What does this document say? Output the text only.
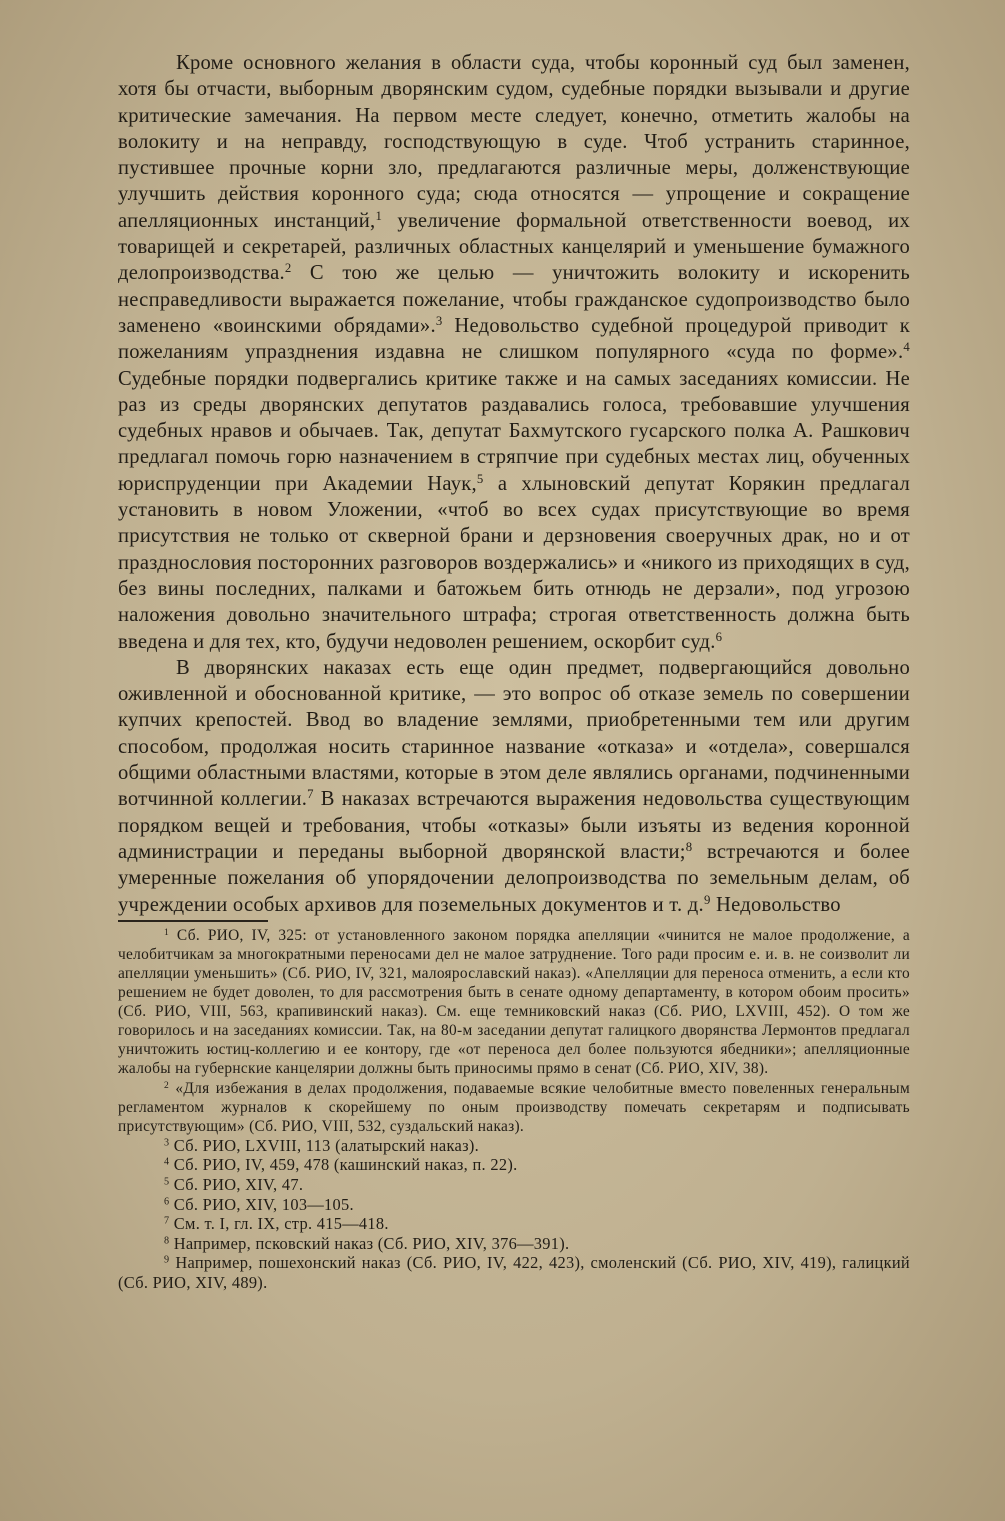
Кроме основного желания в области суда, чтобы коронный суд был заменен, хотя бы отчасти, выборным дворянским судом, судебные порядки вызывали и другие критические замечания. На первом месте следует, конечно, отметить жалобы на волокиту и на неправду, господствующую в суде. Чтоб устранить старинное, пустившее прочные корни зло, предлагаются различные меры, долженствующие улучшить действия коронного суда; сюда относятся — упрощение и сокращение апелляционных инстанций,$^1$ увеличение формальной ответственности воевод, их товарищей и секретарей, различных областных канцелярий и уменьшение бумажного делопроизводства.$^2$ С тою же целью — уничтожить волокиту и искоренить несправедливости выражается пожелание, чтобы гражданское судопроизводство было заменено «воинскими обрядами».$^3$ Недовольство судебной процедурой приводит к пожеланиям упразднения издавна не слишком популярного «суда по форме».$^4$ Судебные порядки подвергались критике также и на самых заседаниях комиссии. Не раз из среды дворянских депутатов раздавались голоса, требовавшие улучшения судебных нравов и обычаев. Так, депутат Бахмутского гусарского полка А. Рашкович предлагал помочь горю назначением в стряпчие при судебных местах лиц, обученных юриспруденции при Академии Наук,$^5$ а хлыновский депутат Корякин предлагал установить в новом Уложении, «чтоб во всех судах присутствующие во время присутствия не только от скверной брани и дерзновения своеручных драк, но и от празднословия посторонних разговоров воздержались» и «никого из приходящих в суд, без вины последних, палками и батожьем бить отнюдь не дерзали», под угрозою наложения довольно значительного штрафа; строгая ответственность должна быть введена и для тех, кто, будучи недоволен решением, оскорбит суд.$^6$

В дворянских наказах есть еще один предмет, подвергающийся довольно оживленной и обоснованной критике, — это вопрос об отказе земель по совершении купчих крепостей. Ввод во владение землями, приобретенными тем или другим способом, продолжая носить старинное название «отказа» и «отдела», совершался общими областными властями, которые в этом деле являлись органами, подчиненными вотчинной коллегии.$^7$ В наказах встречаются выражения недовольства существующим порядком вещей и требования, чтобы «отказы» были изъяты из ведения коронной администрации и переданы выборной дворянской власти;$^8$ встречаются и более умеренные пожелания об упорядочении делопроизводства по земельным делам, об учреждении особых архивов для поземельных документов и т. д.$^9$ Недовольство

$^1$ Сб. РИО, IV, 325: от установленного законом порядка апелляции «чинится не малое продолжение, а челобитчикам за многократными переносами дел не малое затруднение. Того ради просим е. и. в. не соизволит ли апелляции уменьшить» (Сб. РИО, IV, 321, малоярославский наказ). «Апелляции для переноса отменить, а если кто решением не будет доволен, то для рассмотрения быть в сенате одному департаменту, в котором обоим просить» (Сб. РИО, VIII, 563, крапивинский наказ). См. еще темниковский наказ (Сб. РИО, LXVIII, 452). О том же говорилось и на заседаниях комиссии. Так, на 80-м заседании депутат галицкого дворянства Лермонтов предлагал уничтожить юстиц-коллегию и ее контору, где «от переноса дел более пользуются ябедники»; апелляционные жалобы на губернские канцелярии должны быть приносимы прямо в сенат (Сб. РИО, XIV, 38).

$^2$ «Для избежания в делах продолжения, подаваемые всякие челобитные вместо повеленных генеральным регламентом журналов к скорейшему по оным производству помечать секретарям и подписывать присутствующим» (Сб. РИО, VIII, 532, суздальский наказ).

$^3$ Сб. РИО, LXVIII, 113 (алатырский наказ).

$^4$ Сб. РИО, IV, 459, 478 (кашинский наказ, п. 22).

$^5$ Сб. РИО, XIV, 47.

$^6$ Сб. РИО, XIV, 103—105.

$^7$ См. т. I, гл. IX, стр. 415—418.

$^8$ Например, псковский наказ (Сб. РИО, XIV, 376—391).

$^9$ Например, пошехонский наказ (Сб. РИО, IV, 422, 423), смоленский (Сб. РИО, XIV, 419), галицкий (Сб. РИО, XIV, 489).
